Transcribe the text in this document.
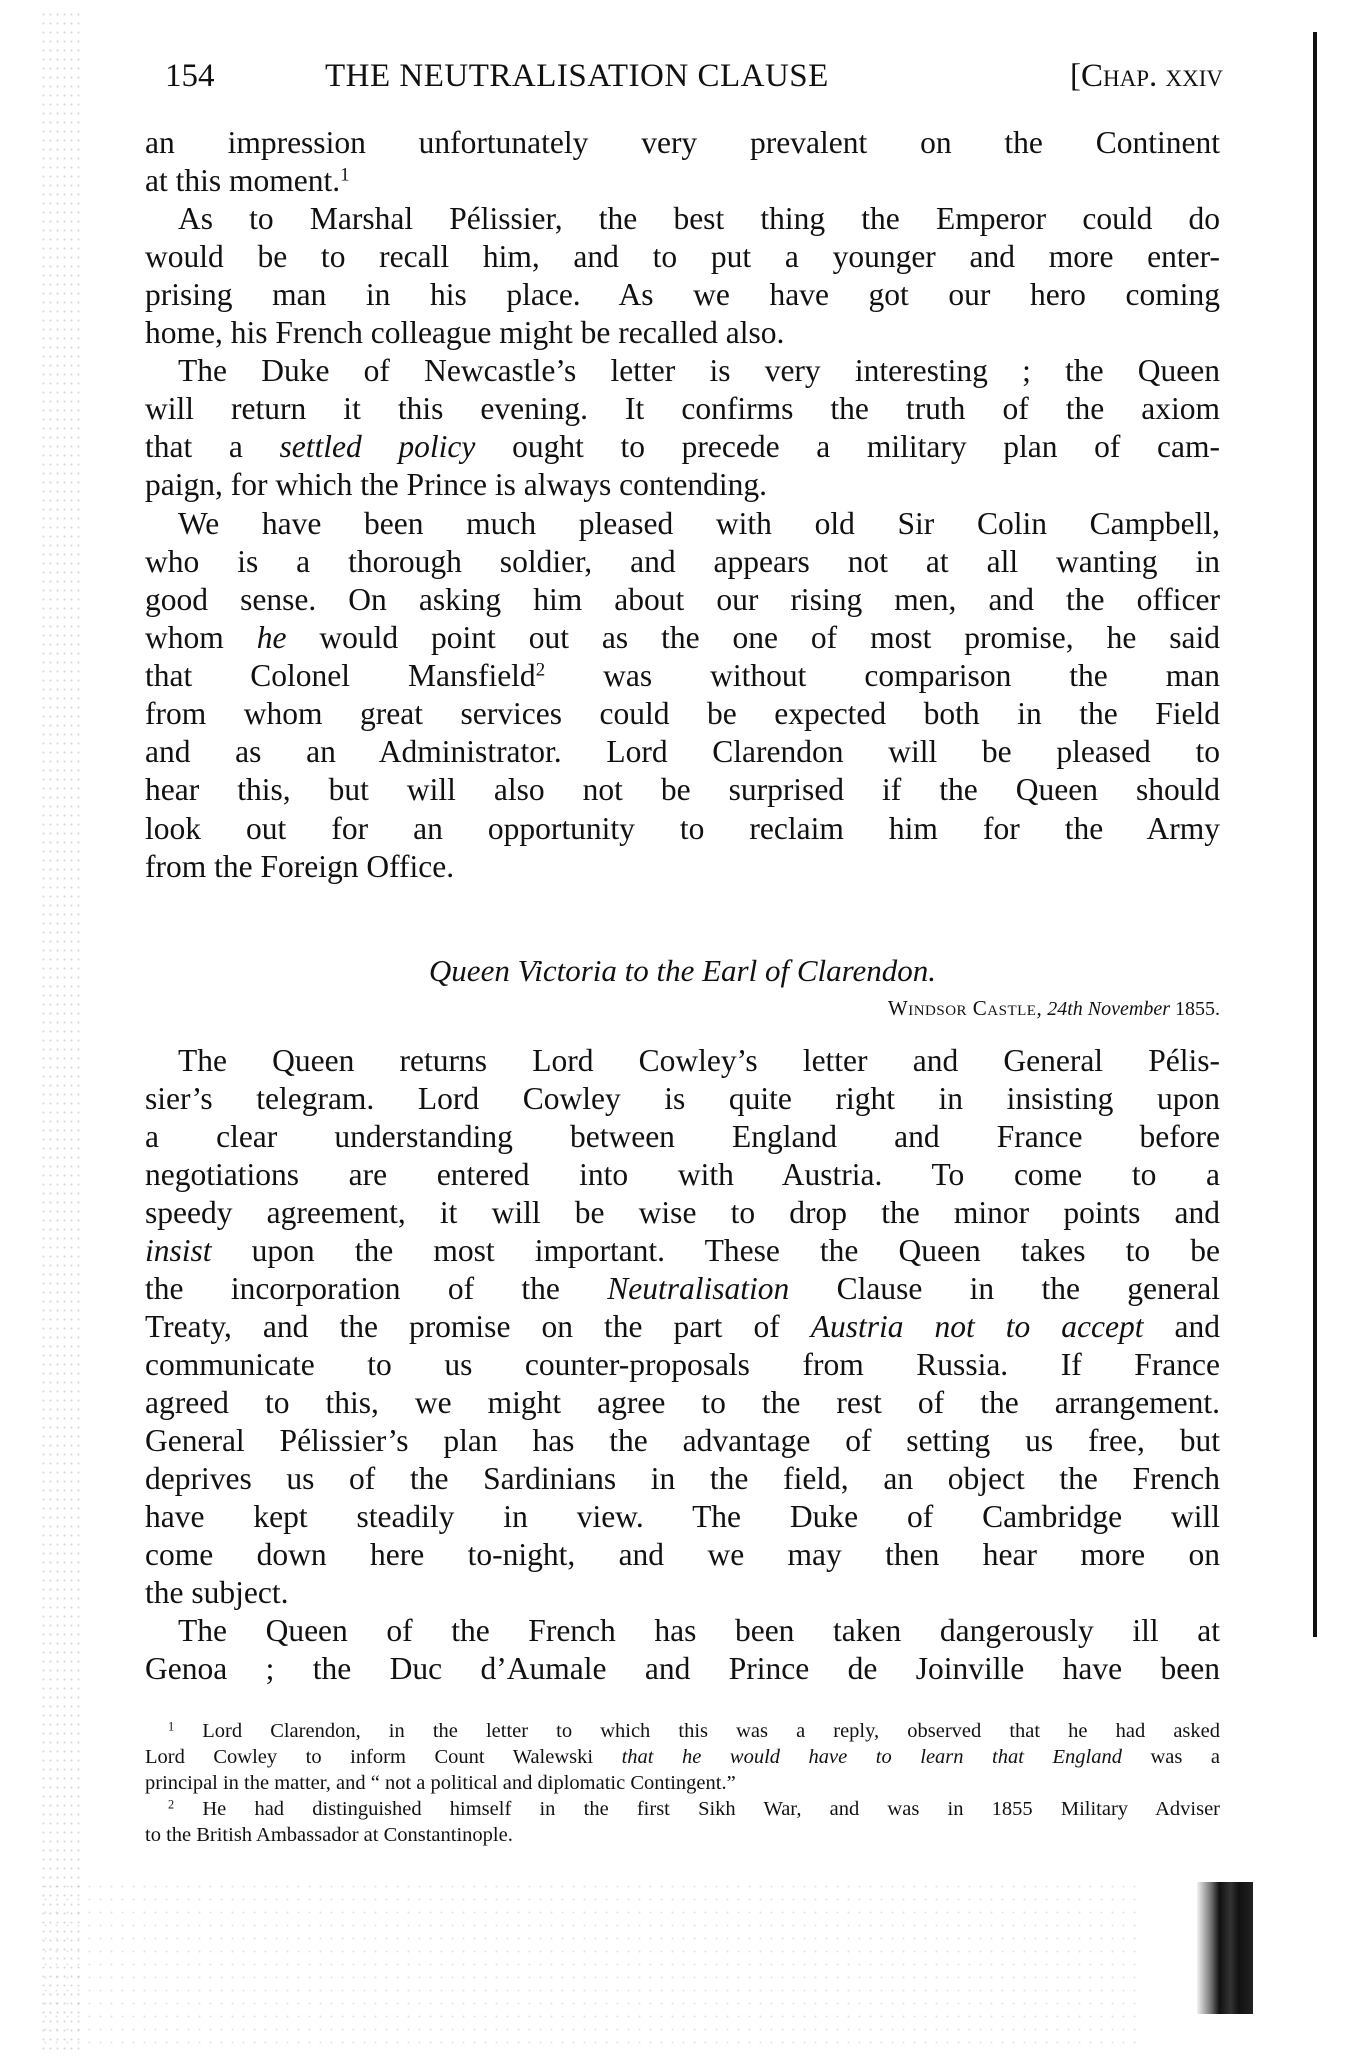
154	THE NEUTRALISATION CLAUSE	[Chap. xxiv
an impression unfortunately very prevalent on the Continent
at this moment.$^1$
As to Marshal Pélissier, the best thing the Emperor could do
would be to recall him, and to put a younger and more enter-
prising man in his place. As we have got our hero coming
home, his French colleague might be recalled also.
The Duke of Newcastle’s letter is very interesting ; the Queen
will return it this evening. It confirms the truth of the axiom
that a settled policy ought to precede a military plan of cam-
paign, for which the Prince is always contending.
We have been much pleased with old Sir Colin Campbell,
who is a thorough soldier, and appears not at all wanting in
good sense. On asking him about our rising men, and the officer
whom he would point out as the one of most promise, he said
that Colonel Mansfield$^2$ was without comparison the man
from whom great services could be expected both in the Field
and as an Administrator. Lord Clarendon will be pleased to
hear this, but will also not be surprised if the Queen should
look out for an opportunity to reclaim him for the Army
from the Foreign Office.
Queen Victoria to the Earl of Clarendon.
Windsor Castle, 24th November 1855.
The Queen returns Lord Cowley’s letter and General Pélis-
sier’s telegram. Lord Cowley is quite right in insisting upon
a clear understanding between England and France before
negotiations are entered into with Austria. To come to a
speedy agreement, it will be wise to drop the minor points and
insist upon the most important. These the Queen takes to be
the incorporation of the Neutralisation Clause in the general
Treaty, and the promise on the part of Austria not to accept and
communicate to us counter-proposals from Russia. If France
agreed to this, we might agree to the rest of the arrangement.
General Pélissier’s plan has the advantage of setting us free, but
deprives us of the Sardinians in the field, an object the French
have kept steadily in view. The Duke of Cambridge will
come down here to-night, and we may then hear more on
the subject.
The Queen of the French has been taken dangerously ill at
Genoa ; the Duc d’Aumale and Prince de Joinville have been
$^1$ Lord Clarendon, in the letter to which this was a reply, observed that he had asked
Lord Cowley to inform Count Walewski that he would have to learn that England was a
principal in the matter, and “ not a political and diplomatic Contingent.”
$^2$ He had distinguished himself in the first Sikh War, and was in 1855 Military Adviser
to the British Ambassador at Constantinople.
